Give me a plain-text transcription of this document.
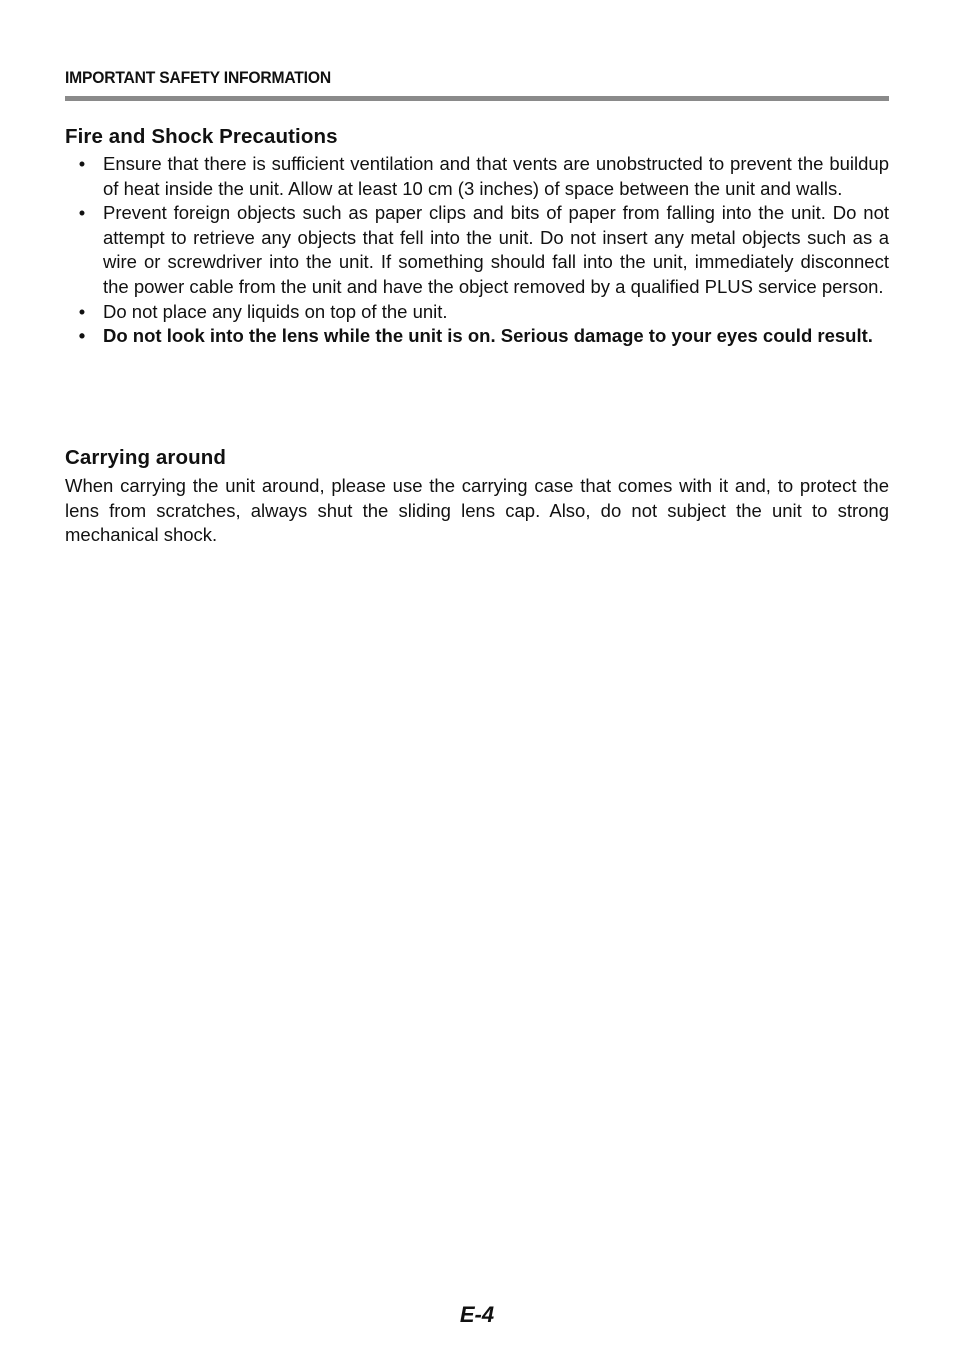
IMPORTANT SAFETY INFORMATION
Fire and Shock Precautions
• Ensure that there is sufficient ventilation and that vents are unobstructed to prevent the buildup of heat inside the unit. Allow at least 10 cm (3 inches) of space between the unit and walls.
• Prevent foreign objects such as paper clips and bits of paper from falling into the unit. Do not attempt to retrieve any objects that fell into the unit. Do not insert any metal objects such as a wire or screwdriver into the unit. If something should fall into the unit, immediately disconnect the power cable from the unit and have the object removed by a qualified PLUS service person.
• Do not place any liquids on top of the unit.
• Do not look into the lens while the unit is on. Serious damage to your eyes could result.
Carrying around

When carrying the unit around, please use the carrying case that comes with it and, to protect the lens from scratches, always shut the sliding lens cap. Also, do not subject the unit to strong mechanical shock.

E-4
